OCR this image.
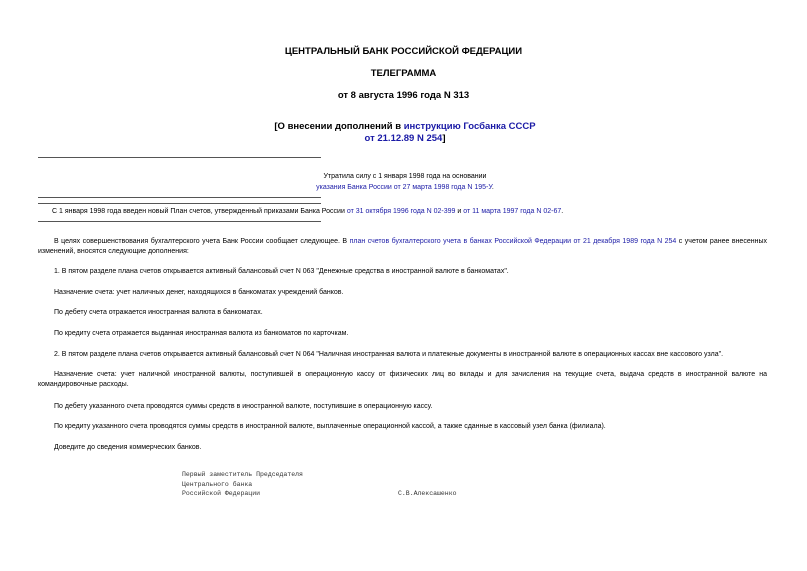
ЦЕНТРАЛЬНЫЙ БАНК РОССИЙСКОЙ ФЕДЕРАЦИИ
ТЕЛЕГРАММА
от 8 августа 1996 года N 313
[О внесении дополнений в инструкцию Госбанка СССР
от 21.12.89 N 254]
Утратила силу с 1 января 1998 года на основании
указания Банка России от 27 марта 1998 года N 195-У.
С 1 января 1998 года введен новый План счетов, утвержденный приказами Банка России от 31 октября 1996 года N 02-399 и от 11 марта 1997 года N 02-67.
В целях совершенствования бухгалтерского учета Банк России сообщает следующее. В план счетов бухгалтерского учета в банках Российской Федерации от 21 декабря 1989 года N 254 с учетом ранее внесенных изменений, вносятся следующие дополнения:
1. В пятом разделе плана счетов открывается активный балансовый счет N 063 "Денежные средства в иностранной валюте в банкоматах".
Назначение счета: учет наличных денег, находящихся в банкоматах учреждений банков.
По дебету счета отражается иностранная валюта в банкоматах.
По кредиту счета отражается выданная иностранная валюта из банкоматов по карточкам.
2. В пятом разделе плана счетов открывается активный балансовый счет N 064 "Наличная иностранная валюта и платежные документы в иностранной валюте в операционных кассах вне кассового узла".
Назначение счета: учет наличной иностранной валюты, поступившей в операционную кассу от физических лиц во вклады и для зачисления на текущие счета, выдача средств в иностранной валюте на командировочные расходы.
По дебету указанного счета проводятся суммы средств в иностранной валюте, поступившие в операционную кассу.
По кредиту указанного счета проводятся суммы средств в иностранной валюте, выплаченные операционной кассой, а также сданные в кассовый узел банка (филиала).
Доведите до сведения коммерческих банков.
Первый заместитель Председателя
Центрального банка
Российской Федерации	С.В.Алексашенко
